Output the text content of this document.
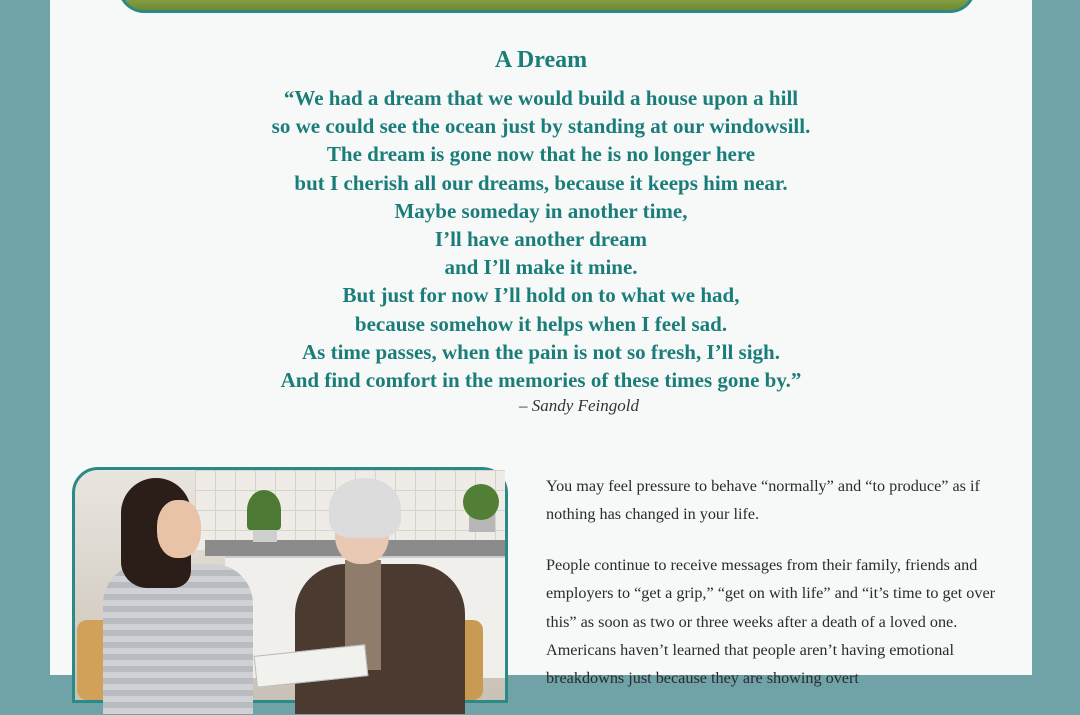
A Dream

“We had a dream that we would build a house upon a hill

so we could see the ocean just by standing at our windowsill.

The dream is gone now that he is no longer here

but I cherish all our dreams, because it keeps him near.

Maybe someday in another time,

I’ll have another dream

and I’ll make it mine.

But just for now I’ll hold on to what we had,

because somehow it helps when I feel sad.

As time passes, when the pain is not so fresh, I’ll sigh.

And find comfort in the memories of these times gone by.”

– Sandy Feingold

You may feel pressure to behave “normally” and “to produce” as if nothing has changed in your life.

People continue to receive messages from their family, friends and employers to “get a grip,” “get on with life” and “it’s time to get over this” as soon as two or three weeks after a death of a loved one. Americans haven’t learned that people aren’t having emotional breakdowns just because they are showing overt
